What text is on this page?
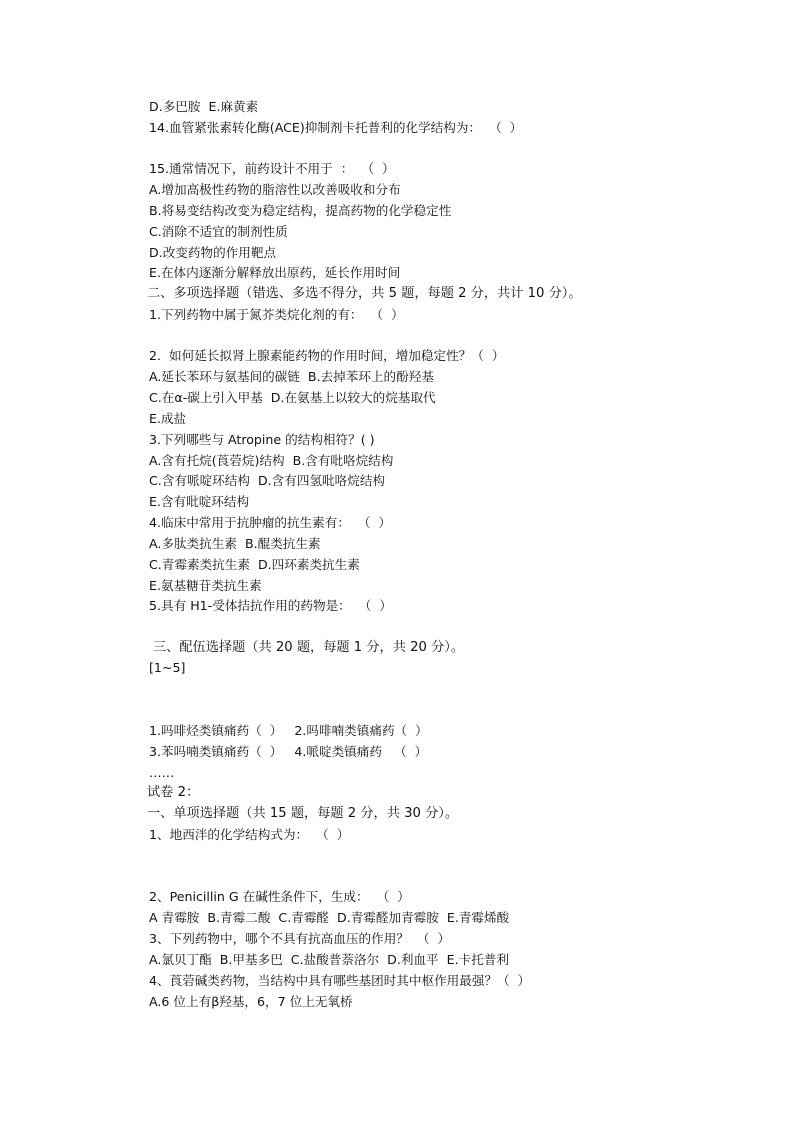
D.多巴胺  E.麻黄素
14.血管紧张素转化酶(ACE)抑制剂卡托普利的化学结构为：  （  ）
15.通常情况下，前药设计不用于  ：  （  ）
A.增加高极性药物的脂溶性以改善吸收和分布
B.将易变结构改变为稳定结构，提高药物的化学稳定性
C.消除不适宜的制剂性质
D.改变药物的作用靶点
E.在体内逐渐分解释放出原药，延长作用时间
二、多项选择题（错选、多选不得分，共 5 题，每题 2 分，共计 10 分）。
1.下列药物中属于氮芥类烷化剂的有：  （  ）
2.  如何延长拟肾上腺素能药物的作用时间，增加稳定性？（  ）
A.延长苯环与氨基间的碳链  B.去掉苯环上的酚羟基
C.在α-碳上引入甲基  D.在氨基上以较大的烷基取代
E.成盐
3.下列哪些与 Atropine 的结构相符？( )
A.含有托烷(莨菪烷)结构  B.含有吡咯烷结构
C.含有哌啶环结构  D.含有四氢吡咯烷结构
E.含有吡啶环结构
4.临床中常用于抗肿瘤的抗生素有：  （  ）
A.多肽类抗生素  B.醌类抗生素
C.青霉素类抗生素  D.四环素类抗生素
E.氨基糖苷类抗生素
5.具有 H1-受体拮抗作用的药物是：  （  ）
三、配伍选择题（共 20 题，每题 1 分，共 20 分）。
[1~5]
1.吗啡烃类镇痛药（  ）   2.吗啡喃类镇痛药（  ）
3.苯吗喃类镇痛药（  ）   4.哌啶类镇痛药   （  ）
……
试卷 2：
一、单项选择题（共 15 题，每题 2 分，共 30 分）。
1、地西泮的化学结构式为：  （  ）
2、Penicillin G 在碱性条件下，生成：  （  ）
A 青霉胺  B.青霉二酸  C.青霉醛  D.青霉醛加青霉胺  E.青霉烯酸
3、下列药物中，哪个不具有抗高血压的作用？  （  ）
A.氯贝丁酯  B.甲基多巴  C.盐酸普萘洛尔  D.利血平  E.卡托普利
4、莨菪碱类药物，当结构中具有哪些基团时其中枢作用最强？（  ）
A.6 位上有β羟基，6，7 位上无氧桥
